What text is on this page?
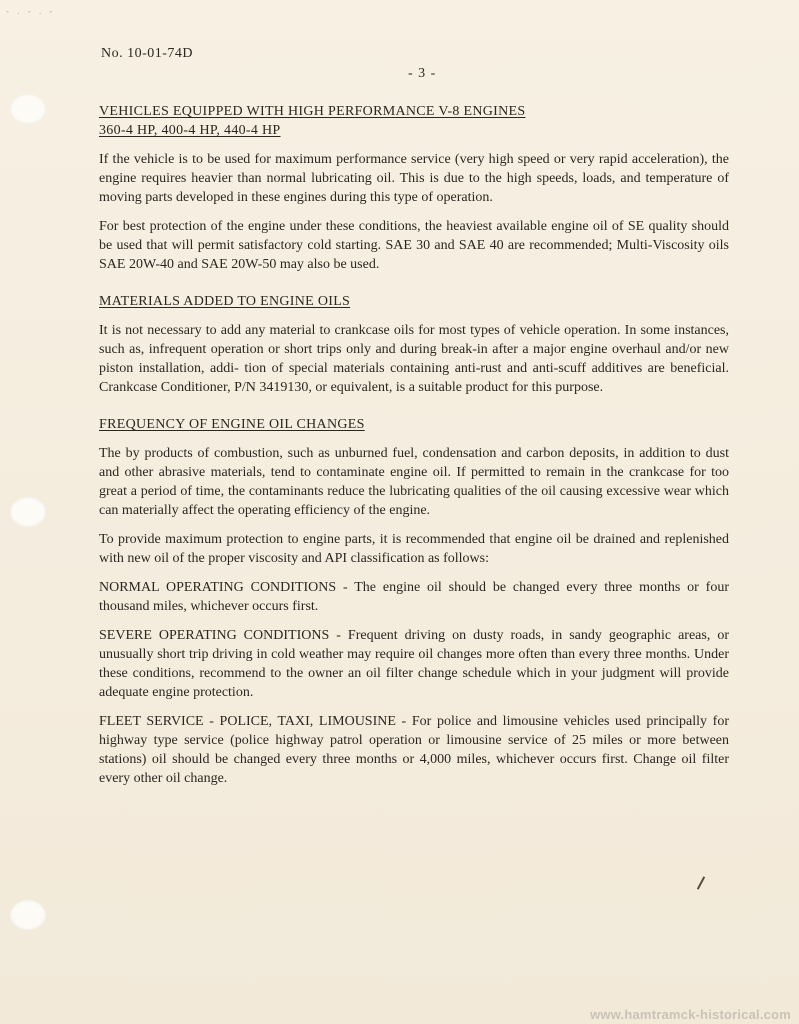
- . - . -
No. 10-01-74D
- 3 -
VEHICLES EQUIPPED WITH HIGH PERFORMANCE V-8 ENGINES
360-4 HP, 400-4 HP, 440-4 HP

If the vehicle is to be used for maximum performance service (very high speed or very rapid acceleration), the engine requires heavier than normal lubricating oil. This is due to the high speeds, loads, and temperature of moving parts developed in these engines during this type of operation.

For best protection of the engine under these conditions, the heaviest available engine oil of SE quality should be used that will permit satisfactory cold starting. SAE 30 and SAE 40 are recommended; Multi-Viscosity oils SAE 20W-40 and SAE 20W-50 may also be used.

MATERIALS ADDED TO ENGINE OILS

It is not necessary to add any material to crankcase oils for most types of vehicle operation. In some instances, such as, infrequent operation or short trips only and during break-in after a major engine overhaul and/or new piston installation, addi- tion of special materials containing anti-rust and anti-scuff additives are beneficial. Crankcase Conditioner, P/N 3419130, or equivalent, is a suitable product for this purpose.

FREQUENCY OF ENGINE OIL CHANGES

The by products of combustion, such as unburned fuel, condensation and carbon deposits, in addition to dust and other abrasive materials, tend to contaminate engine oil. If permitted to remain in the crankcase for too great a period of time, the contaminants reduce the lubricating qualities of the oil causing excessive wear which can materially affect the operating efficiency of the engine.

To provide maximum protection to engine parts, it is recommended that engine oil be drained and replenished with new oil of the proper viscosity and API classification as follows:

NORMAL OPERATING CONDITIONS - The engine oil should be changed every three months or four thousand miles, whichever occurs first.

SEVERE OPERATING CONDITIONS - Frequent driving on dusty roads, in sandy geographic areas, or unusually short trip driving in cold weather may require oil changes more often than every three months. Under these conditions, recommend to the owner an oil filter change schedule which in your judgment will provide adequate engine protection.

FLEET SERVICE - POLICE, TAXI, LIMOUSINE - For police and limousine vehicles used principally for highway type service (police highway patrol operation or limousine service of 25 miles or more between stations) oil should be changed every three months or 4,000 miles, whichever occurs first. Change oil filter every other oil change.

www.hamtramck-historical.com
